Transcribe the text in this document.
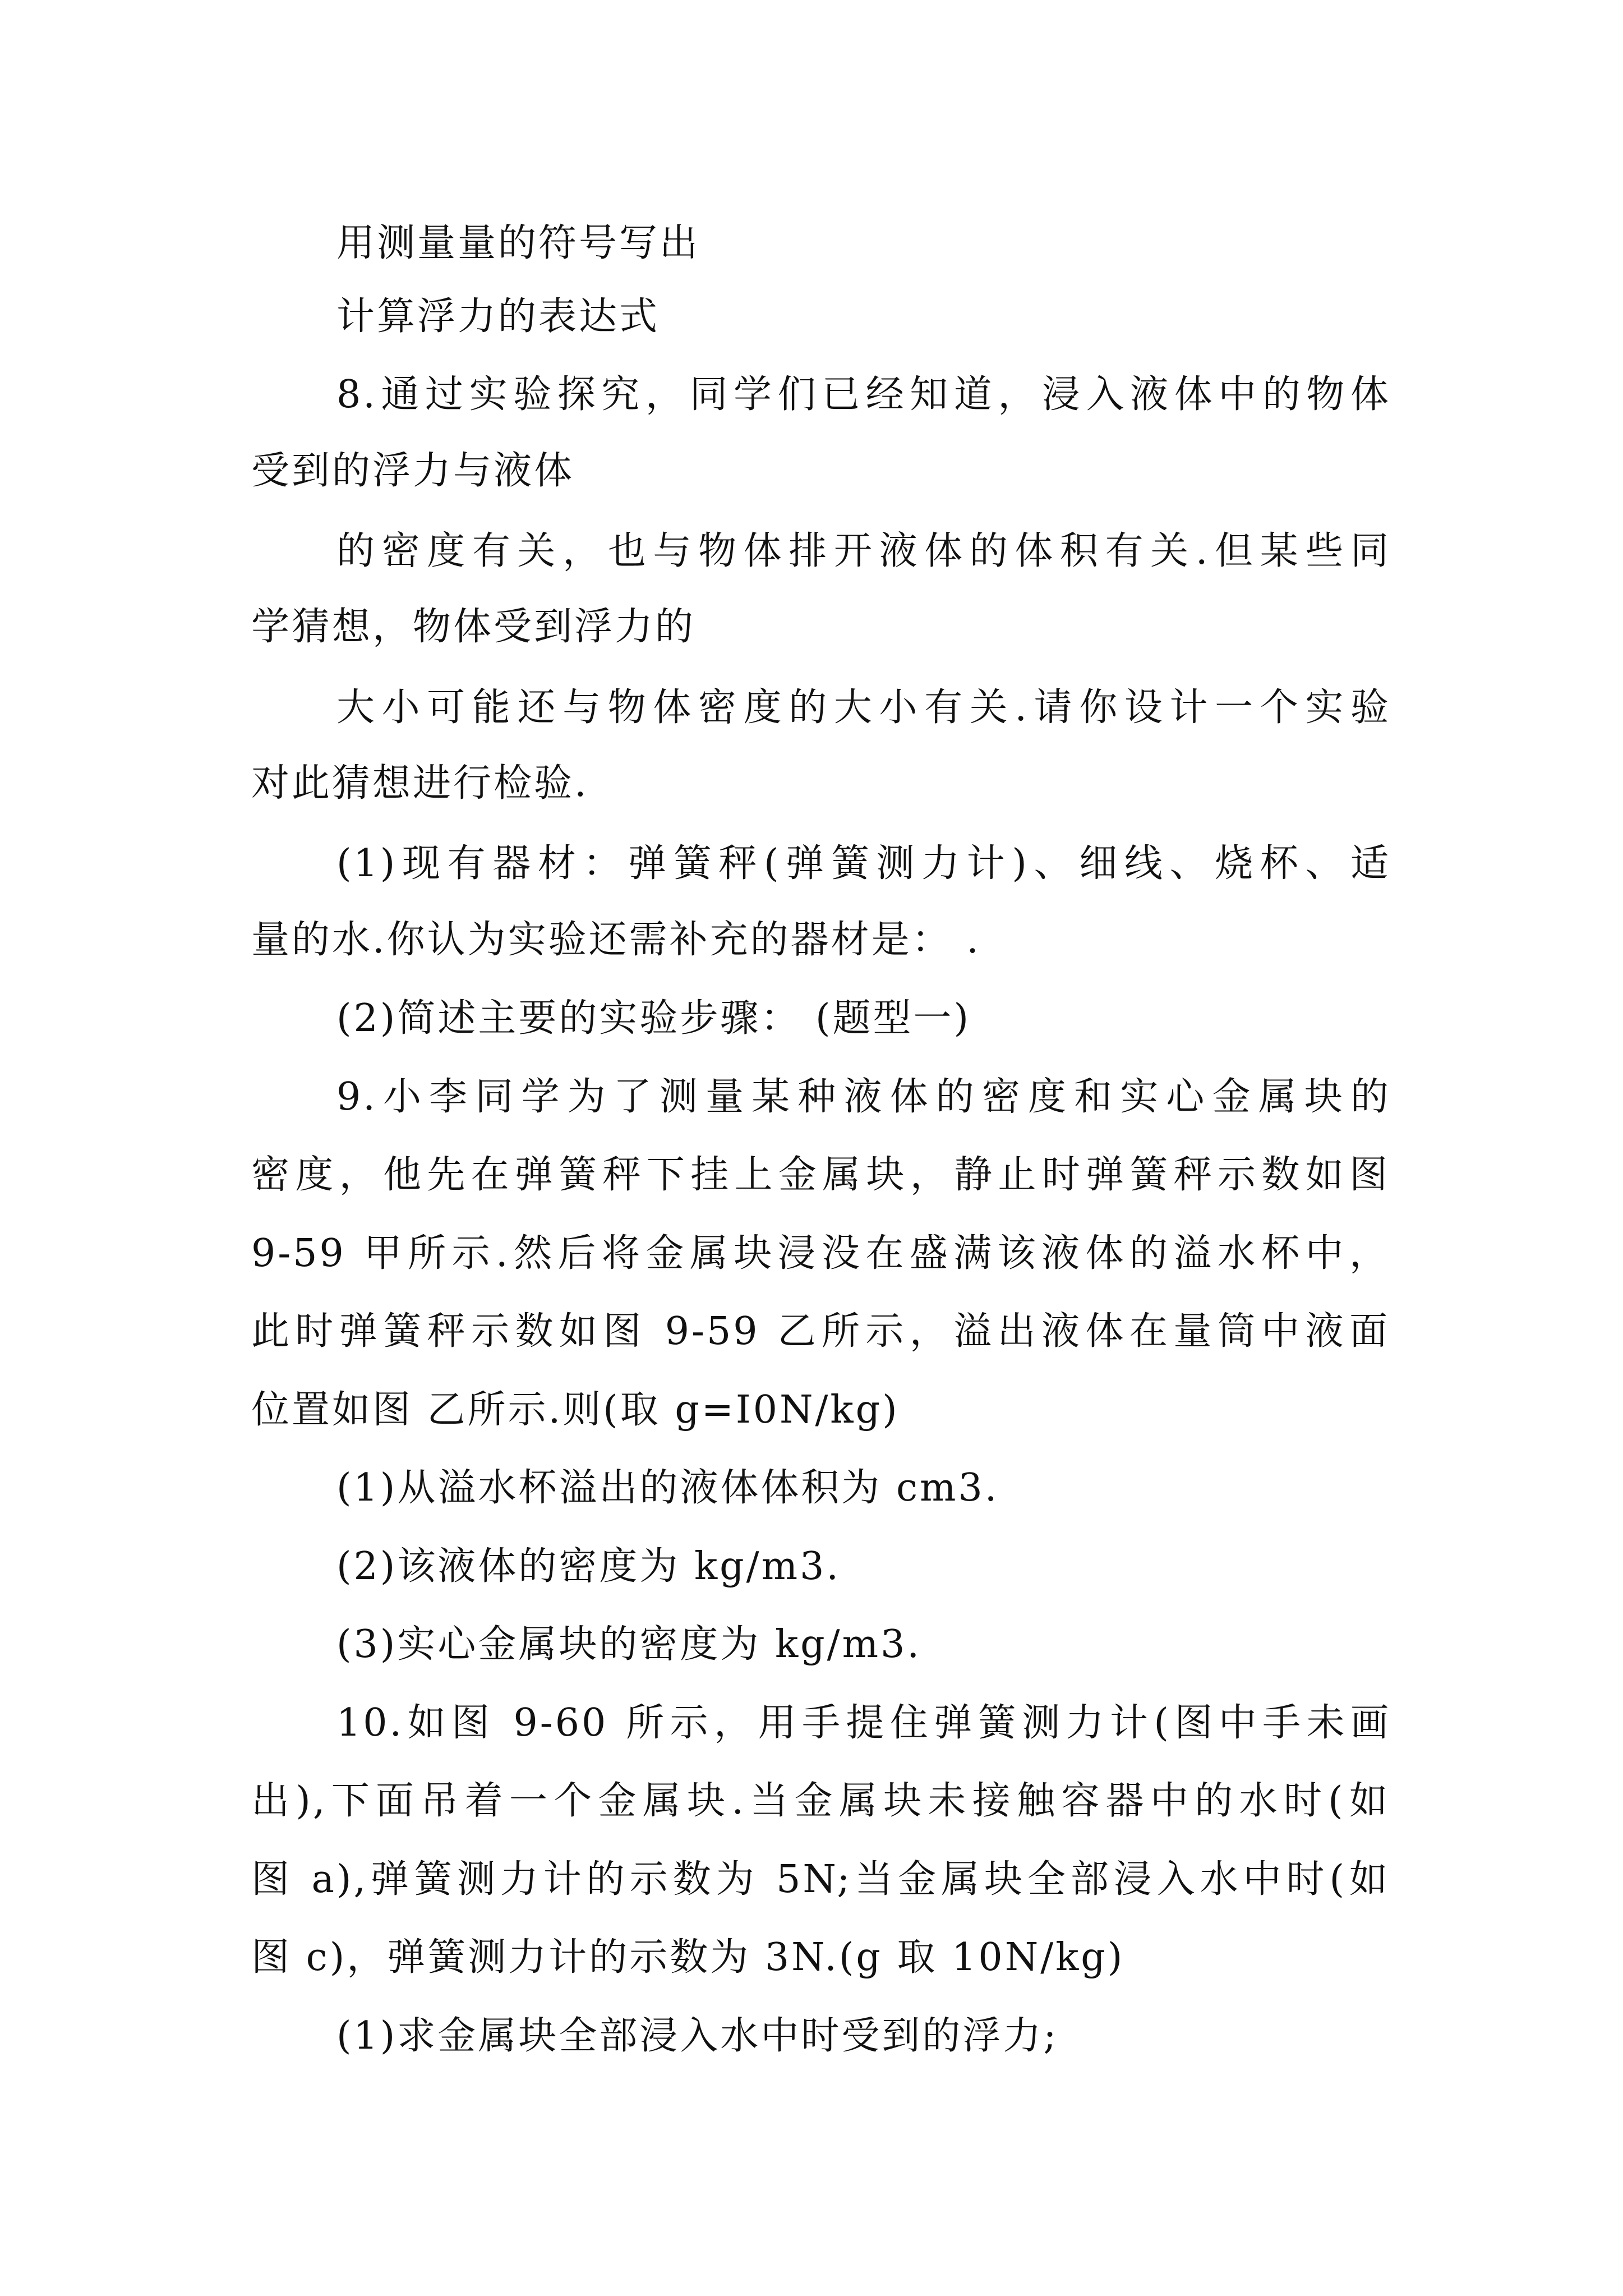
用测量量的符号写出
计算浮力的表达式
8.通过实验探究，同学们已经知道，浸入液体中的物体
受到的浮力与液体
的密度有关，也与物体排开液体的体积有关.但某些同
学猜想，物体受到浮力的
大小可能还与物体密度的大小有关.请你设计一个实验
对此猜想进行检验.
(1)现有器材：弹簧秤(弹簧测力计)、细线、烧杯、适
量的水.你认为实验还需补充的器材是： .
(2)简述主要的实验步骤： (题型一)
9.小李同学为了测量某种液体的密度和实心金属块的
密度，他先在弹簧秤下挂上金属块，静止时弹簧秤示数如图
9-59 甲所示.然后将金属块浸没在盛满该液体的溢水杯中，
此时弹簧秤示数如图 9-59 乙所示，溢出液体在量筒中液面
位置如图 乙所示.则(取 g=I0N/kg)
(1)从溢水杯溢出的液体体积为 cm3.
(2)该液体的密度为 kg/m3.
(3)实心金属块的密度为 kg/m3.
10.如图 9-60 所示，用手提住弹簧测力计(图中手未画
出),下面吊着一个金属块.当金属块未接触容器中的水时(如
图 a),弹簧测力计的示数为 5N;当金属块全部浸入水中时(如
图 c)，弹簧测力计的示数为 3N.(g 取 10N/kg)
(1)求金属块全部浸入水中时受到的浮力;
